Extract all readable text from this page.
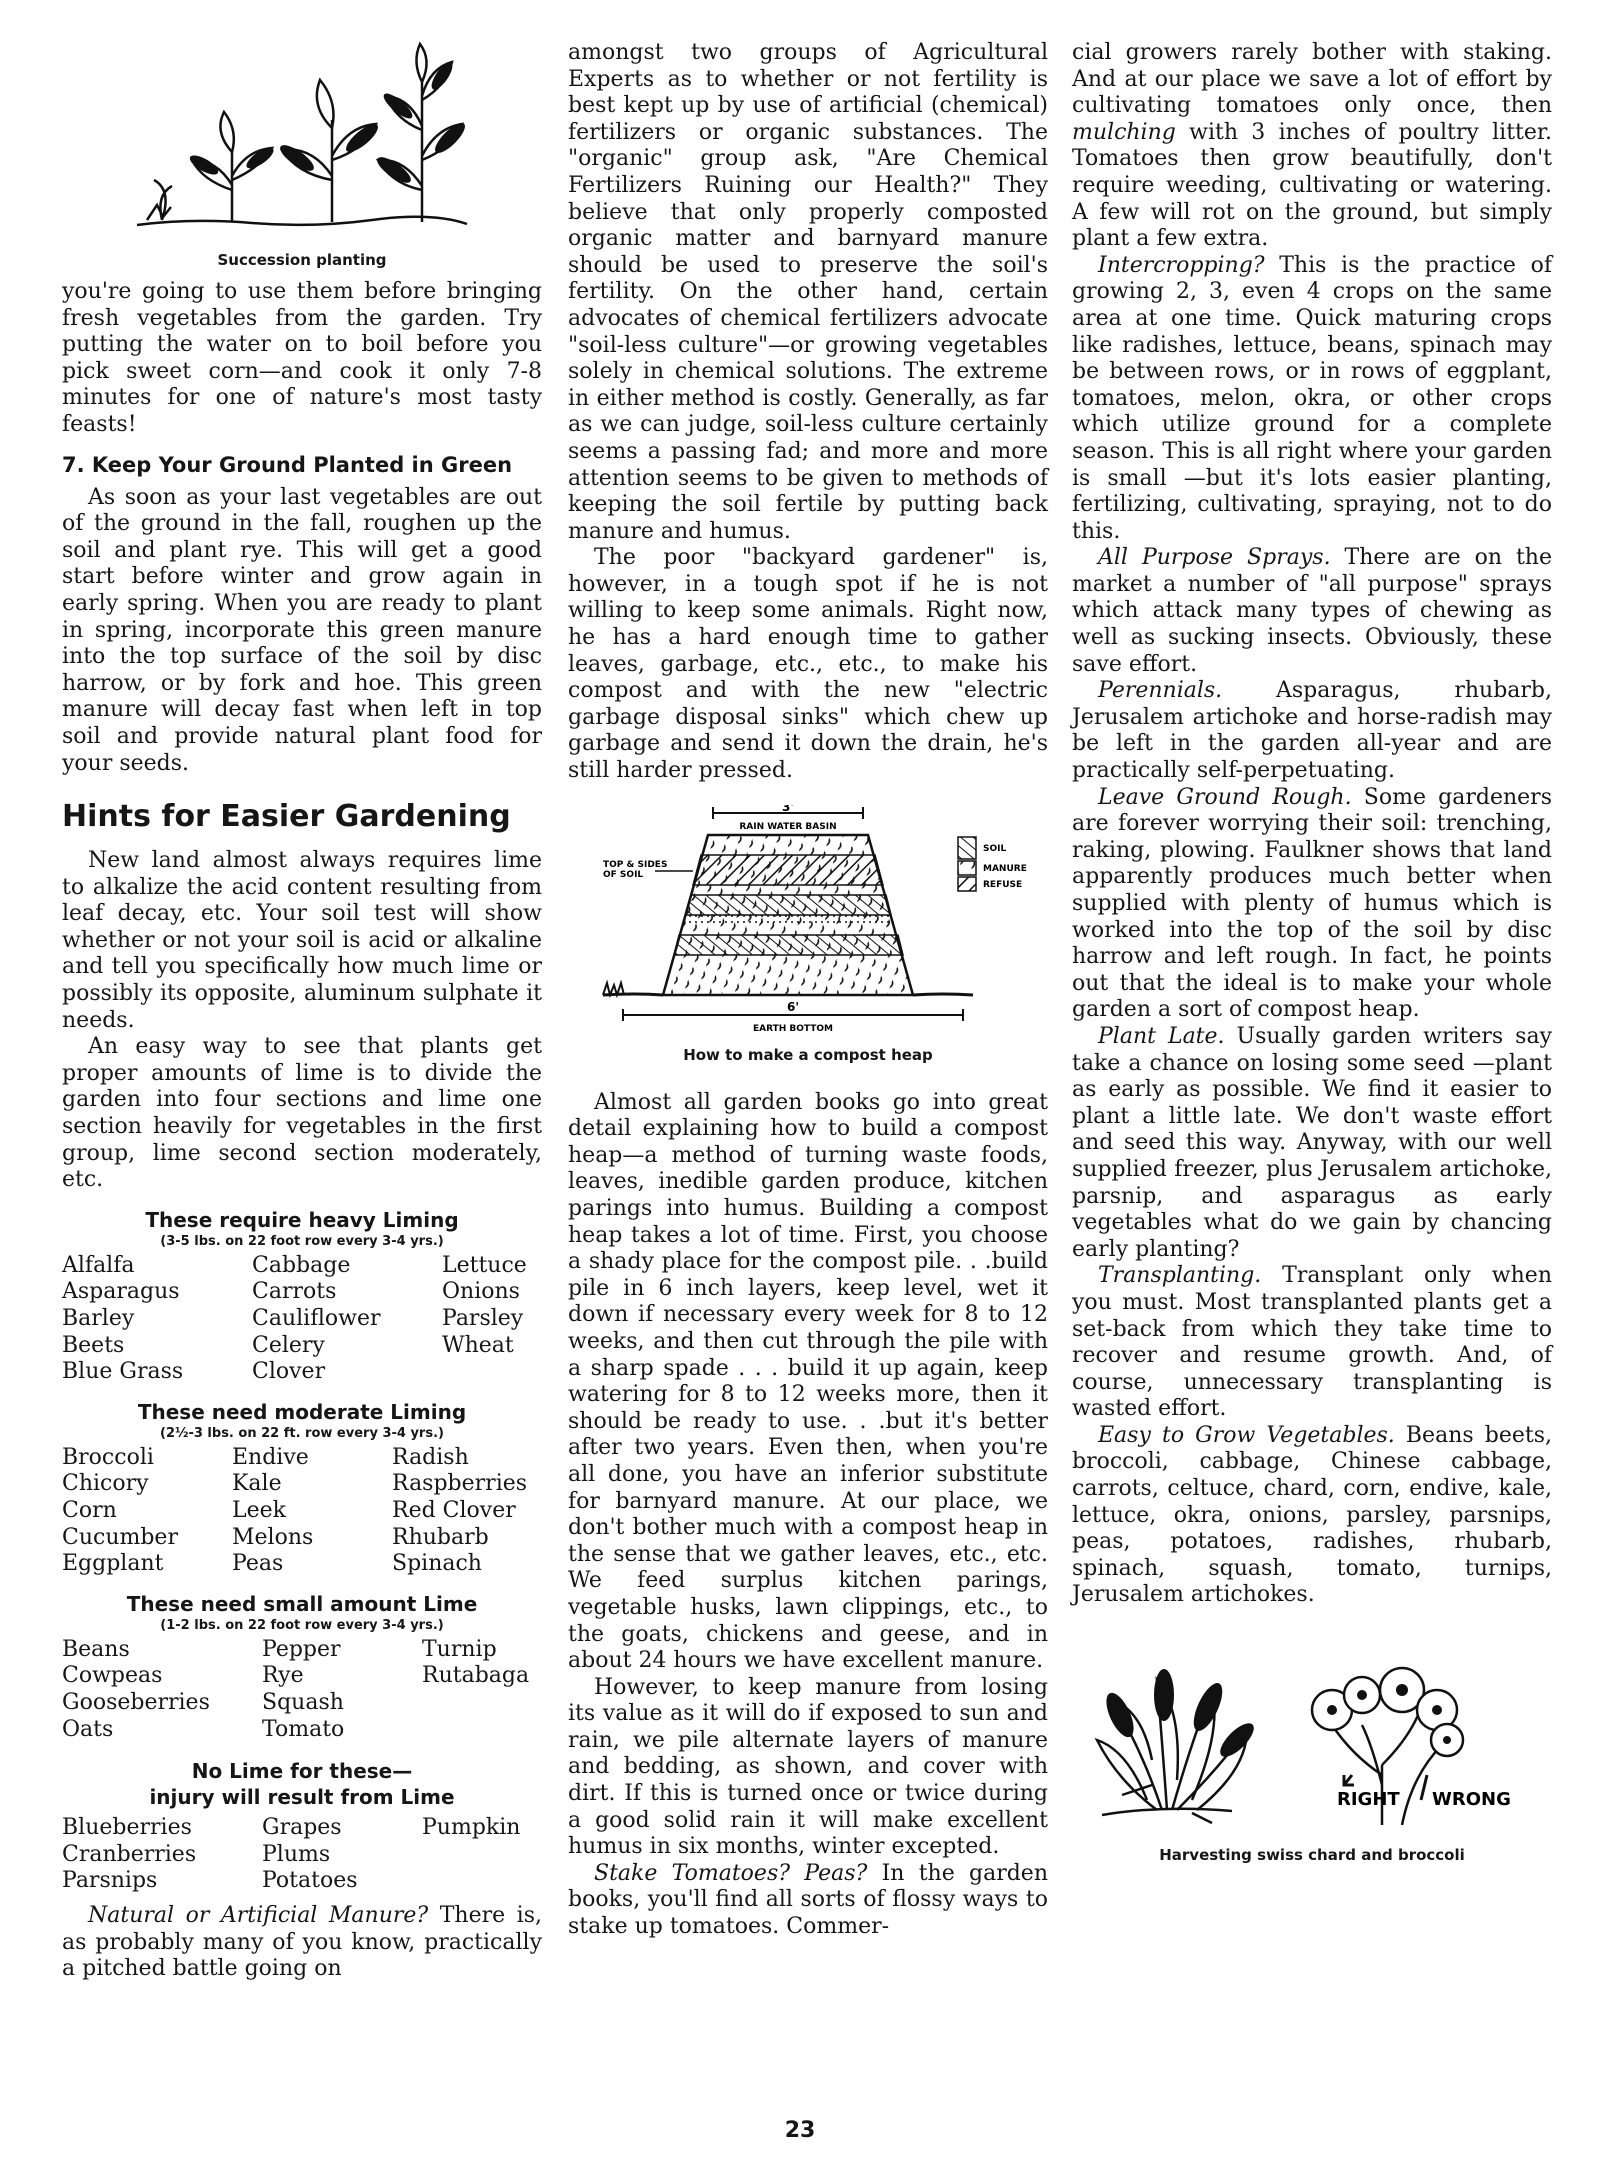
Succession planting

you're going to use them before bringing fresh vegetables from the garden. Try putting the water on to boil before you pick sweet corn—and cook it only 7-8 minutes for one of nature's most tasty feasts!

7. Keep Your Ground Planted in Green

As soon as your last vegetables are out of the ground in the fall, roughen up the soil and plant rye. This will get a good start before winter and grow again in early spring. When you are ready to plant in spring, incorporate this green manure into the top surface of the soil by disc harrow, or by fork and hoe. This green manure will decay fast when left in top soil and provide natural plant food for your seeds.

Hints for Easier Gardening

New land almost always requires lime to alkalize the acid content resulting from leaf decay, etc. Your soil test will show whether or not your soil is acid or alkaline and tell you specifically how much lime or possibly its opposite, aluminum sulphate it needs.

An easy way to see that plants get proper amounts of lime is to divide the garden into four sections and lime one section heavily for vegetables in the first group, lime second section moderately, etc.

These require heavy Liming
(3-5 lbs. on 22 foot row every 3-4 yrs.)
Alfalfa	Cabbage	Lettuce
Asparagus	Carrots	Onions
Barley	Cauliflower	Parsley
Beets	Celery	Wheat
Blue Grass	Clover
These need moderate Liming
(2½-3 lbs. on 22 ft. row every 3-4 yrs.)
Broccoli	Endive	Radish
Chicory	Kale	Raspberries
Corn	Leek	Red Clover
Cucumber	Melons	Rhubarb
Eggplant	Peas	Spinach
These need small amount Lime
(1-2 lbs. on 22 foot row every 3-4 yrs.)
Beans	Pepper	Turnip
Cowpeas	Rye	Rutabaga
Gooseberries	Squash
Oats	Tomato
No Lime for these—
injury will result from Lime
Blueberries	Grapes	Pumpkin
Cranberries	Plums
Parsnips	Potatoes

Natural or Artificial Manure? There is, as probably many of you know, practically a pitched battle going on

amongst two groups of Agricultural Experts as to whether or not fertility is best kept up by use of artificial (chemical) fertilizers or organic substances. The "organic" group ask, "Are Chemical Fertilizers Ruining our Health?" They believe that only properly composted organic matter and barnyard manure should be used to preserve the soil's fertility. On the other hand, certain advocates of chemical fertilizers advocate "soil-less culture"—or growing vegetables solely in chemical solutions. The extreme in either method is costly. Generally, as far as we can judge, soil-less culture certainly seems a passing fad; and more and more attention seems to be given to methods of keeping the soil fertile by putting back manure and humus.

The poor "backyard gardener" is, however, in a tough spot if he is not willing to keep some animals. Right now, he has a hard enough time to gather leaves, garbage, etc., etc., to make his compost and with the new "electric garbage disposal sinks" which chew up garbage and send it down the drain, he's still harder pressed.

3'
RAIN WATER BASIN
TOP & SIDES
OF SOIL
SOIL
MANURE
REFUSE
6'
EARTH BOTTOM
How to make a compost heap

Almost all garden books go into great detail explaining how to build a compost heap—a method of turning waste foods, leaves, inedible garden produce, kitchen parings into humus. Building a compost heap takes a lot of time. First, you choose a shady place for the compost pile. . .build pile in 6 inch layers, keep level, wet it down if necessary every week for 8 to 12 weeks, and then cut through the pile with a sharp spade . . . build it up again, keep watering for 8 to 12 weeks more, then it should be ready to use. . .but it's better after two years. Even then, when you're all done, you have an inferior substitute for barnyard manure. At our place, we don't bother much with a compost heap in the sense that we gather leaves, etc., etc. We feed surplus kitchen parings, vegetable husks, lawn clippings, etc., to the goats, chickens and geese, and in about 24 hours we have excellent manure.

However, to keep manure from losing its value as it will do if exposed to sun and rain, we pile alternate layers of manure and bedding, as shown, and cover with dirt. If this is turned once or twice during a good solid rain it will make excellent humus in six months, winter excepted.

Stake Tomatoes? Peas? In the garden books, you'll find all sorts of flossy ways to stake up tomatoes. Commer-

cial growers rarely bother with staking. And at our place we save a lot of effort by cultivating tomatoes only once, then mulching with 3 inches of poultry litter. Tomatoes then grow beautifully, don't require weeding, cultivating or watering. A few will rot on the ground, but simply plant a few extra.

Intercropping? This is the practice of growing 2, 3, even 4 crops on the same area at one time. Quick maturing crops like radishes, lettuce, beans, spinach may be between rows, or in rows of eggplant, tomatoes, melon, okra, or other crops which utilize ground for a complete season. This is all right where your garden is small —but it's lots easier planting, fertilizing, cultivating, spraying, not to do this.

All Purpose Sprays. There are on the market a number of "all purpose" sprays which attack many types of chewing as well as sucking insects. Obviously, these save effort.

Perennials. Asparagus, rhubarb, Jerusalem artichoke and horse-radish may be left in the garden all-year and are practically self-perpetuating.

Leave Ground Rough. Some gardeners are forever worrying their soil: trenching, raking, plowing. Faulkner shows that land apparently produces much better when supplied with plenty of humus which is worked into the top of the soil by disc harrow and left rough. In fact, he points out that the ideal is to make your whole garden a sort of compost heap.

Plant Late. Usually garden writers say take a chance on losing some seed —plant as early as possible. We find it easier to plant a little late. We don't waste effort and seed this way. Anyway, with our well supplied freezer, plus Jerusalem artichoke, parsnip, and asparagus as early vegetables what do we gain by chancing early planting?

Transplanting. Transplant only when you must. Most transplanted plants get a set-back from which they take time to recover and resume growth. And, of course, unnecessary transplanting is wasted effort.

Easy to Grow Vegetables. Beans beets, broccoli, cabbage, Chinese cabbage, carrots, celtuce, chard, corn, endive, kale, lettuce, okra, onions, parsley, parsnips, peas, potatoes, radishes, rhubarb, spinach, squash, tomato, turnips, Jerusalem artichokes.

RIGHT WRONG
Harvesting swiss chard and broccoli
23
